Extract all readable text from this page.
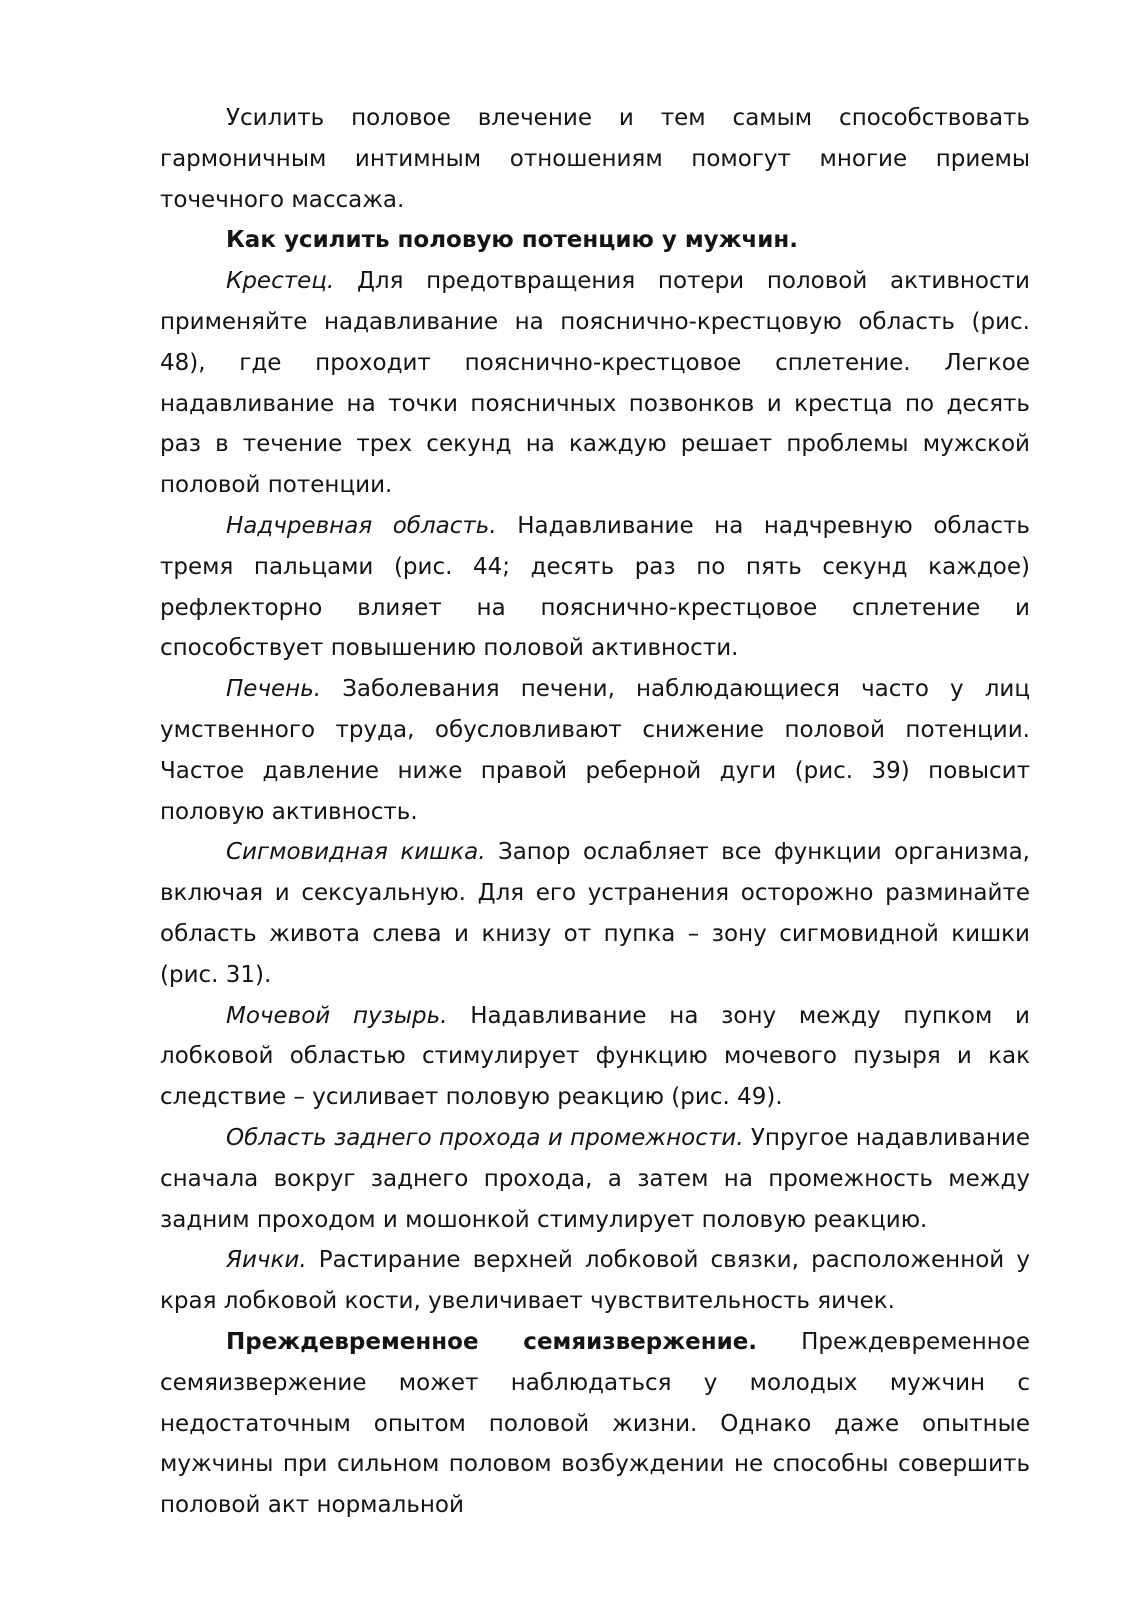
Усилить половое влечение и тем самым способствовать гармоничным интимным отношениям помогут многие приемы точечного массажа.

Как усилить половую потенцию у мужчин.

Крестец. Для предотвращения потери половой активности применяйте надавливание на пояснично-крестцовую область (рис. 48), где проходит пояснично-крестцовое сплетение. Легкое надавливание на точки поясничных позвонков и крестца по десять раз в течение трех секунд на каждую решает проблемы мужской половой потенции.

Надчревная область. Надавливание на надчревную область тремя пальцами (рис. 44; десять раз по пять секунд каждое) рефлекторно влияет на пояснично-крестцовое сплетение и способствует повышению половой активности.

Печень. Заболевания печени, наблюдающиеся часто у лиц умственного труда, обусловливают снижение половой потенции. Частое давление ниже правой реберной дуги (рис. 39) повысит половую активность.

Сигмовидная кишка. Запор ослабляет все функции организма, включая и сексуальную. Для его устранения осторожно разминайте область живота слева и книзу от пупка – зону сигмовидной кишки (рис. 31).

Мочевой пузырь. Надавливание на зону между пупком и лобковой областью стимулирует функцию мочевого пузыря и как следствие – усиливает половую реакцию (рис. 49).

Область заднего прохода и промежности. Упругое надавливание сначала вокруг заднего прохода, а затем на промежность между задним проходом и мошонкой стимулирует половую реакцию.

Яички. Растирание верхней лобковой связки, расположенной у края лобковой кости, увеличивает чувствительность яичек.

Преждевременное семяизвержение. Преждевременное семяизвержение может наблюдаться у молодых мужчин с недостаточным опытом половой жизни. Однако даже опытные мужчины при сильном половом возбуждении не способны совершить половой акт нормальной
